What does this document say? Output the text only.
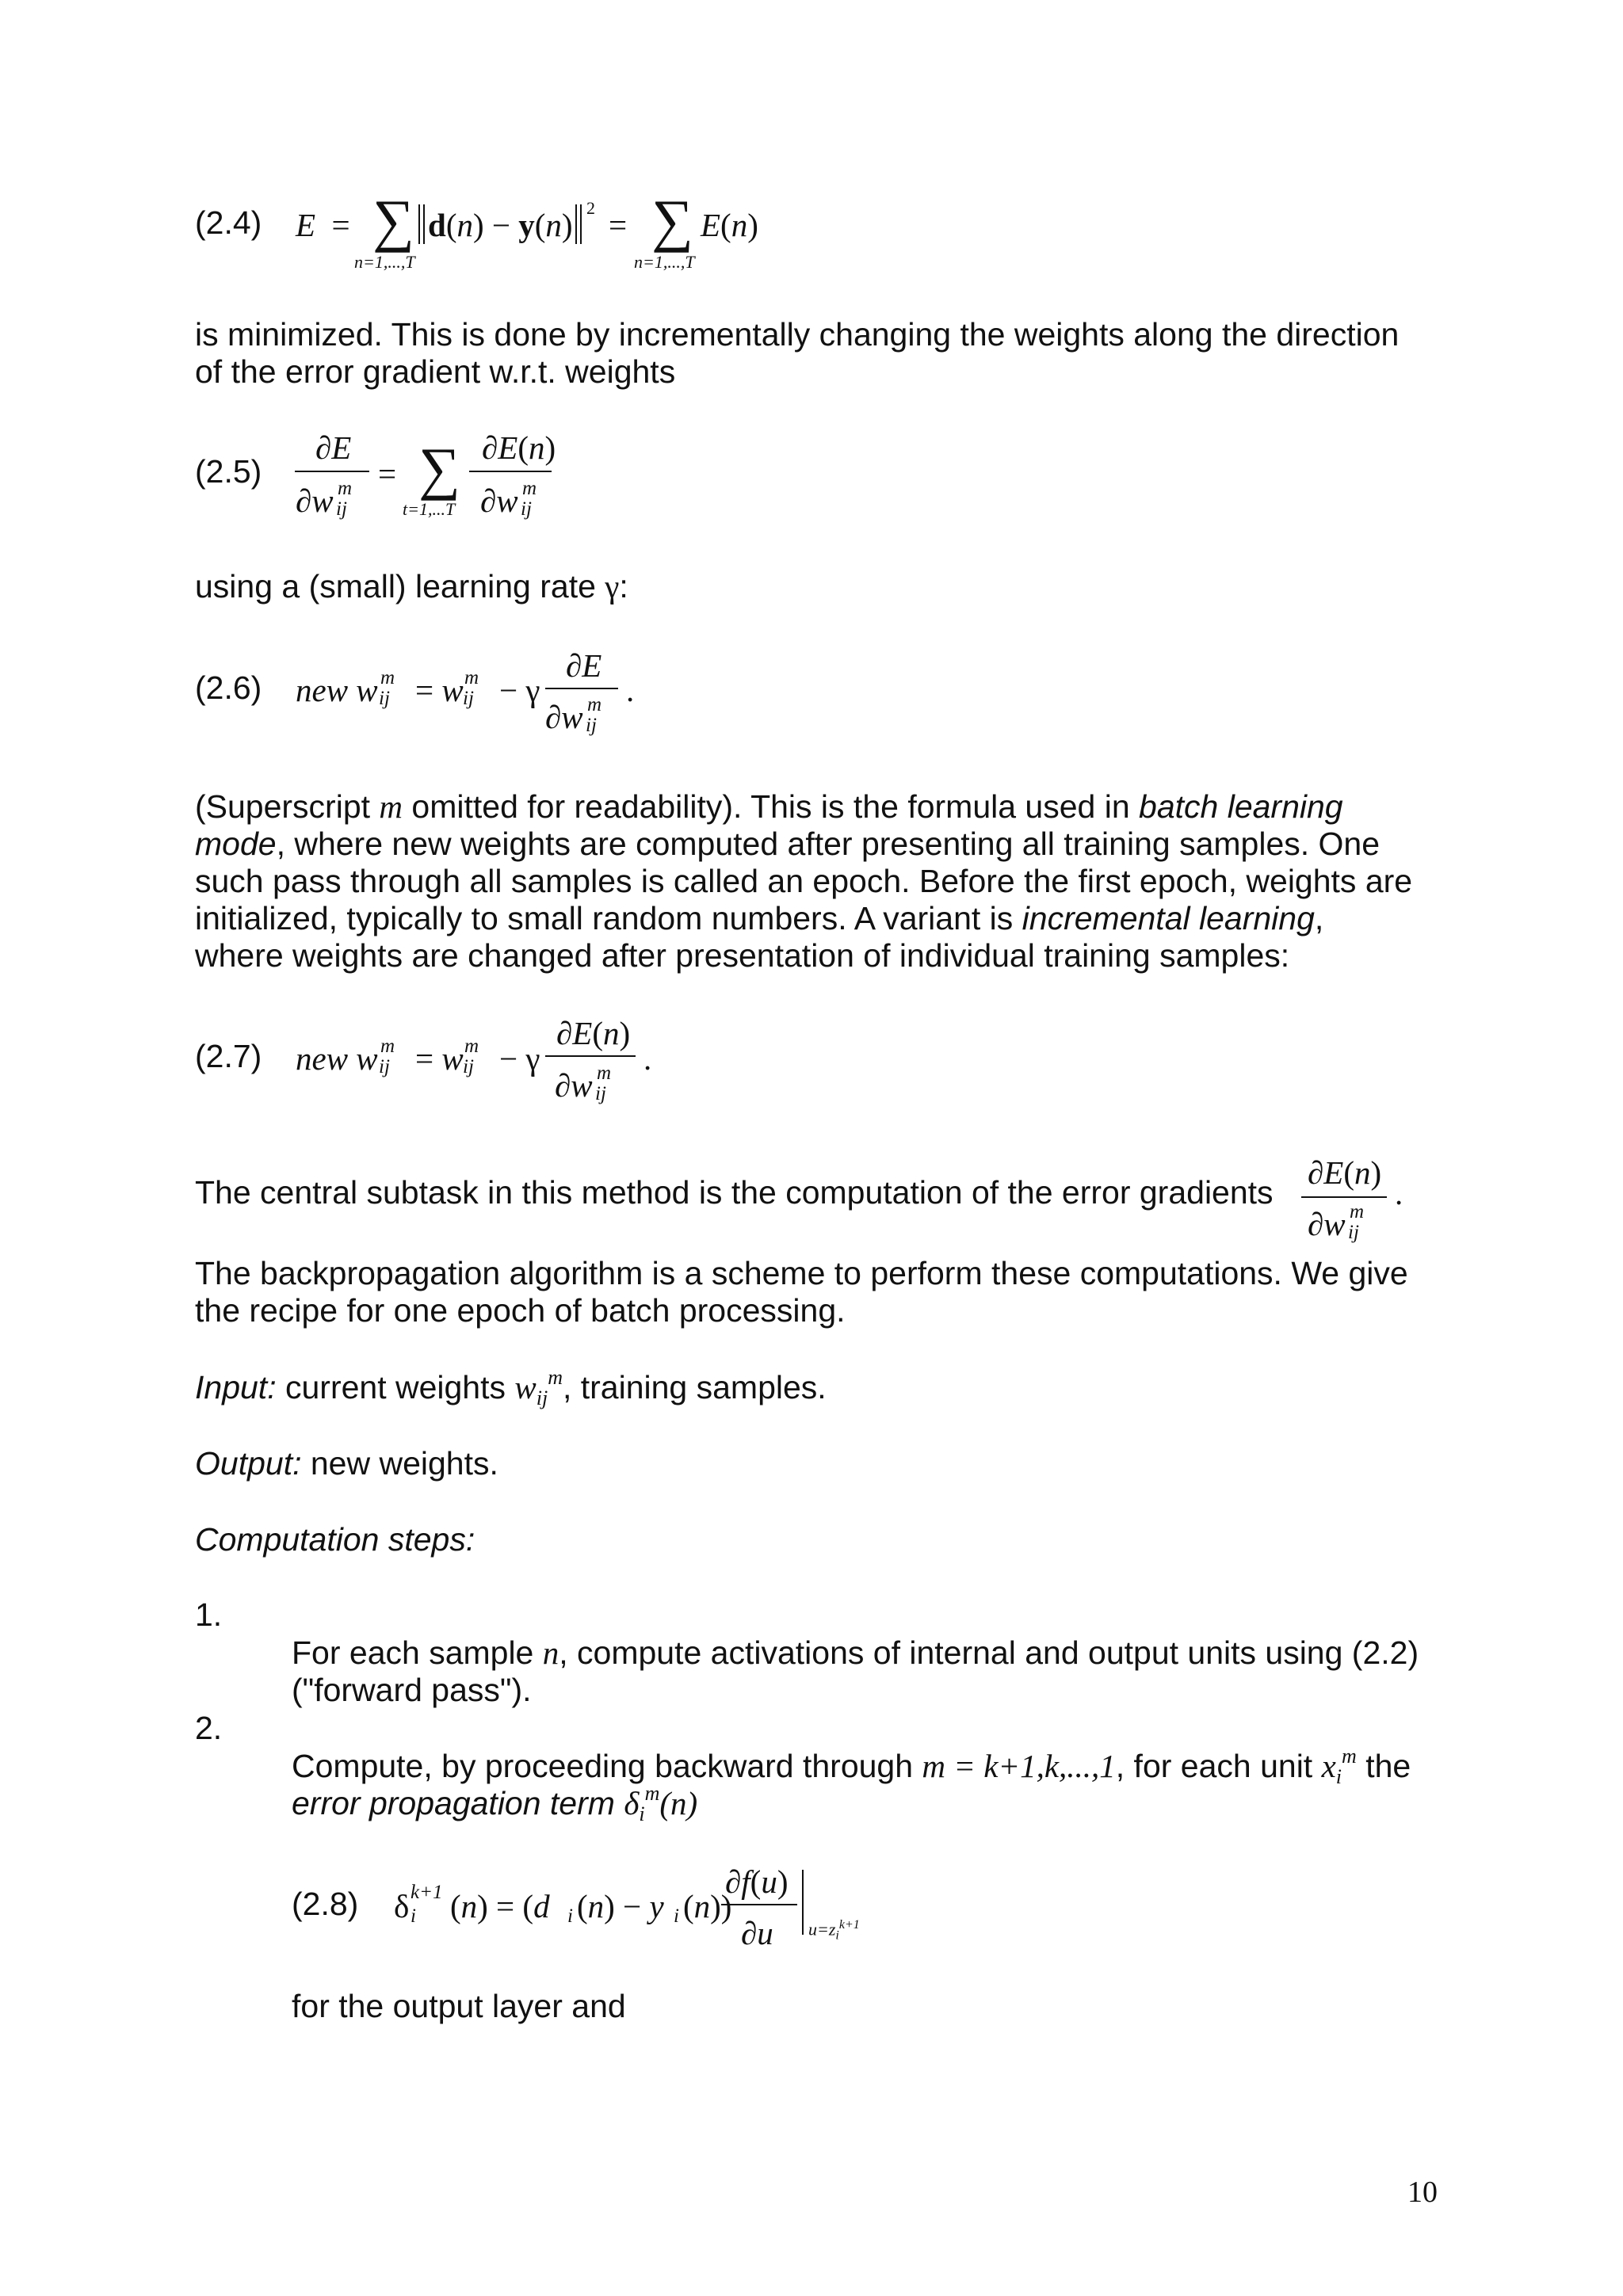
(2.4) E  = ∑
n=1,...,T
d(n) − y(n) 2 = ∑
n=1,...,T
E(n)
is minimized. This is done by incrementally changing the weights along the direction
of the error gradient w.r.t. weights
(2.5)
∂E
∂w m
ij
= ∑
t=1,...T
∂E(n)
∂w m
ij
using a (small) learning rate γ:
(2.6) new w m
ij = w m
ij − γ
∂E
∂w m
ij
.
(Superscript m omitted for readability). This is the formula used in batch learning
mode, where new weights are computed after presenting all training samples. One
such pass through all samples is called an epoch. Before the first epoch, weights are
initialized, typically to small random numbers. A variant is incremental learning,
where weights are changed after presentation of individual training samples:
(2.7) new w m
ij = w m
ij − γ
∂E(n)
∂w m
ij
.
The central subtask in this method is the computation of the error gradients
∂E(n)
∂w m
ij
.
The backpropagation algorithm is a scheme to perform these computations. We give
the recipe for one epoch of batch processing.
Input: current weights $w_{ij}^m$, training samples.
Output: new weights.
Computation steps:
1.
For each sample n, compute activations of internal and output units using (2.2)
("forward pass").
2.
Compute, by proceeding backward through m = k+1,k,...,1, for each unit $x_i^m$ the
error propagation term $\delta_i^m(n)$
(2.8) δ k+1
i (n) = (d i (n) − y i (n))
∂f(u)
∂u $u=z_i^{k+1}$
for the output layer and
10
